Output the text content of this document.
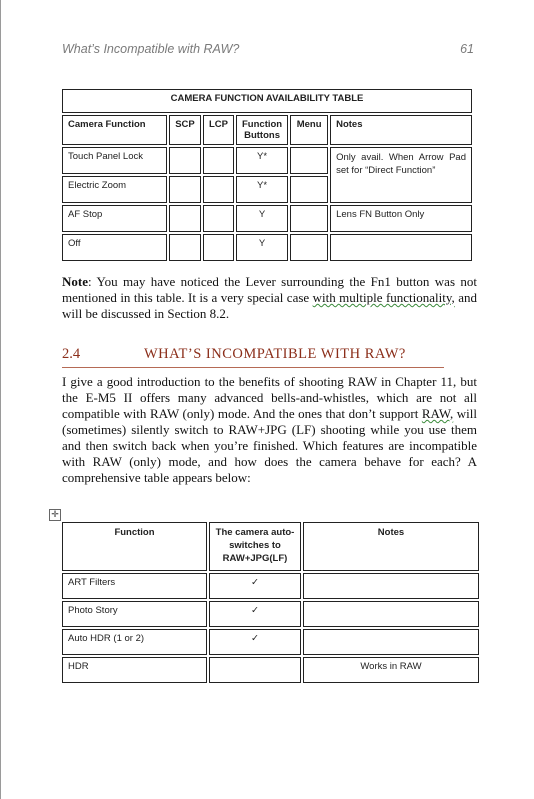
What’s Incompatible with RAW?	61
CAMERA FUNCTION AVAILABILITY TABLE					
Camera Function	SCP	LCP	Function Buttons	Menu	Notes
Touch Panel Lock			Y*		Only avail. When Arrow Pad set for “Direct Function”
Electric Zoom			Y*		
AF Stop			Y		Lens FN Button Only
Off			Y		
Note: You may have noticed the Lever surrounding the Fn1 button was not mentioned in this table. It is a very special case with multiple functionality, and will be discussed in Section 8.2.
2.4	WHAT’S INCOMPATIBLE WITH RAW?
I give a good introduction to the benefits of shooting RAW in Chapter 11, but the E-M5 II offers many advanced bells-and-whistles, which are not all compatible with RAW (only) mode. And the ones that don’t support RAW, will (sometimes) silently switch to RAW+JPG (LF) shooting while you use them and then switch back when you’re finished. Which features are incompatible with RAW (only) mode, and how does the camera behave for each? A comprehensive table appears below:
✛
Function	The camera auto-switches to RAW+JPG(LF)	Notes
ART Filters	✓	
Photo Story	✓	
Auto HDR (1 or 2)	✓	
HDR		Works in RAW
